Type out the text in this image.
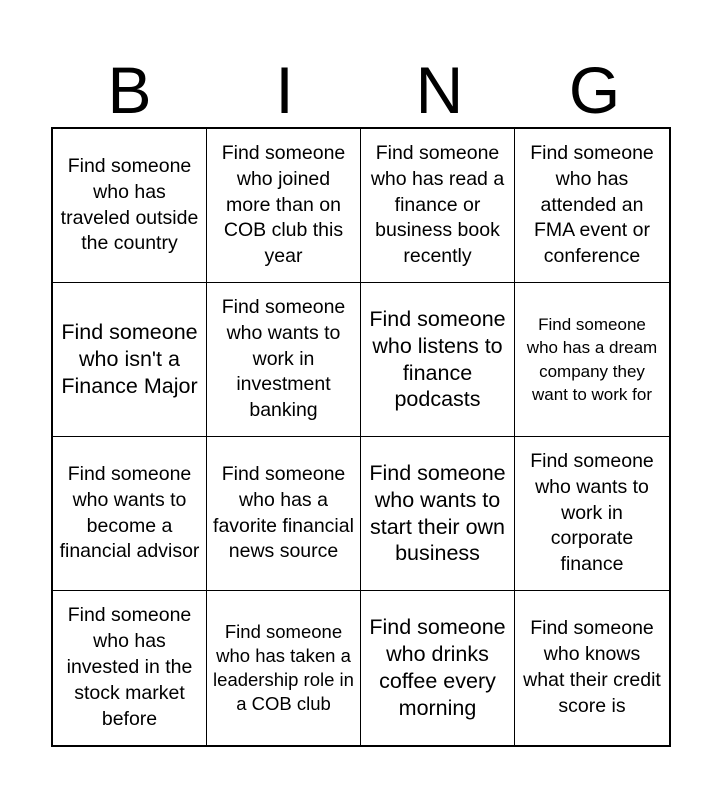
B	I	N	G
Find someone who has traveled outside the country
Find someone who joined more than on COB club this year
Find someone who has read a finance or business book recently
Find someone who has attended an FMA event or conference
Find someone who isn't a Finance Major
Find someone who wants to work in investment banking
Find someone who listens to finance podcasts
Find someone who has a dream company they want to work for
Find someone who wants to become a financial advisor
Find someone who has a favorite financial news source
Find someone who wants to start their own business
Find someone who wants to work in corporate finance
Find someone who has invested in the stock market before
Find someone who has taken a leadership role in a COB club
Find someone who drinks coffee every morning
Find someone who knows what their credit score is
